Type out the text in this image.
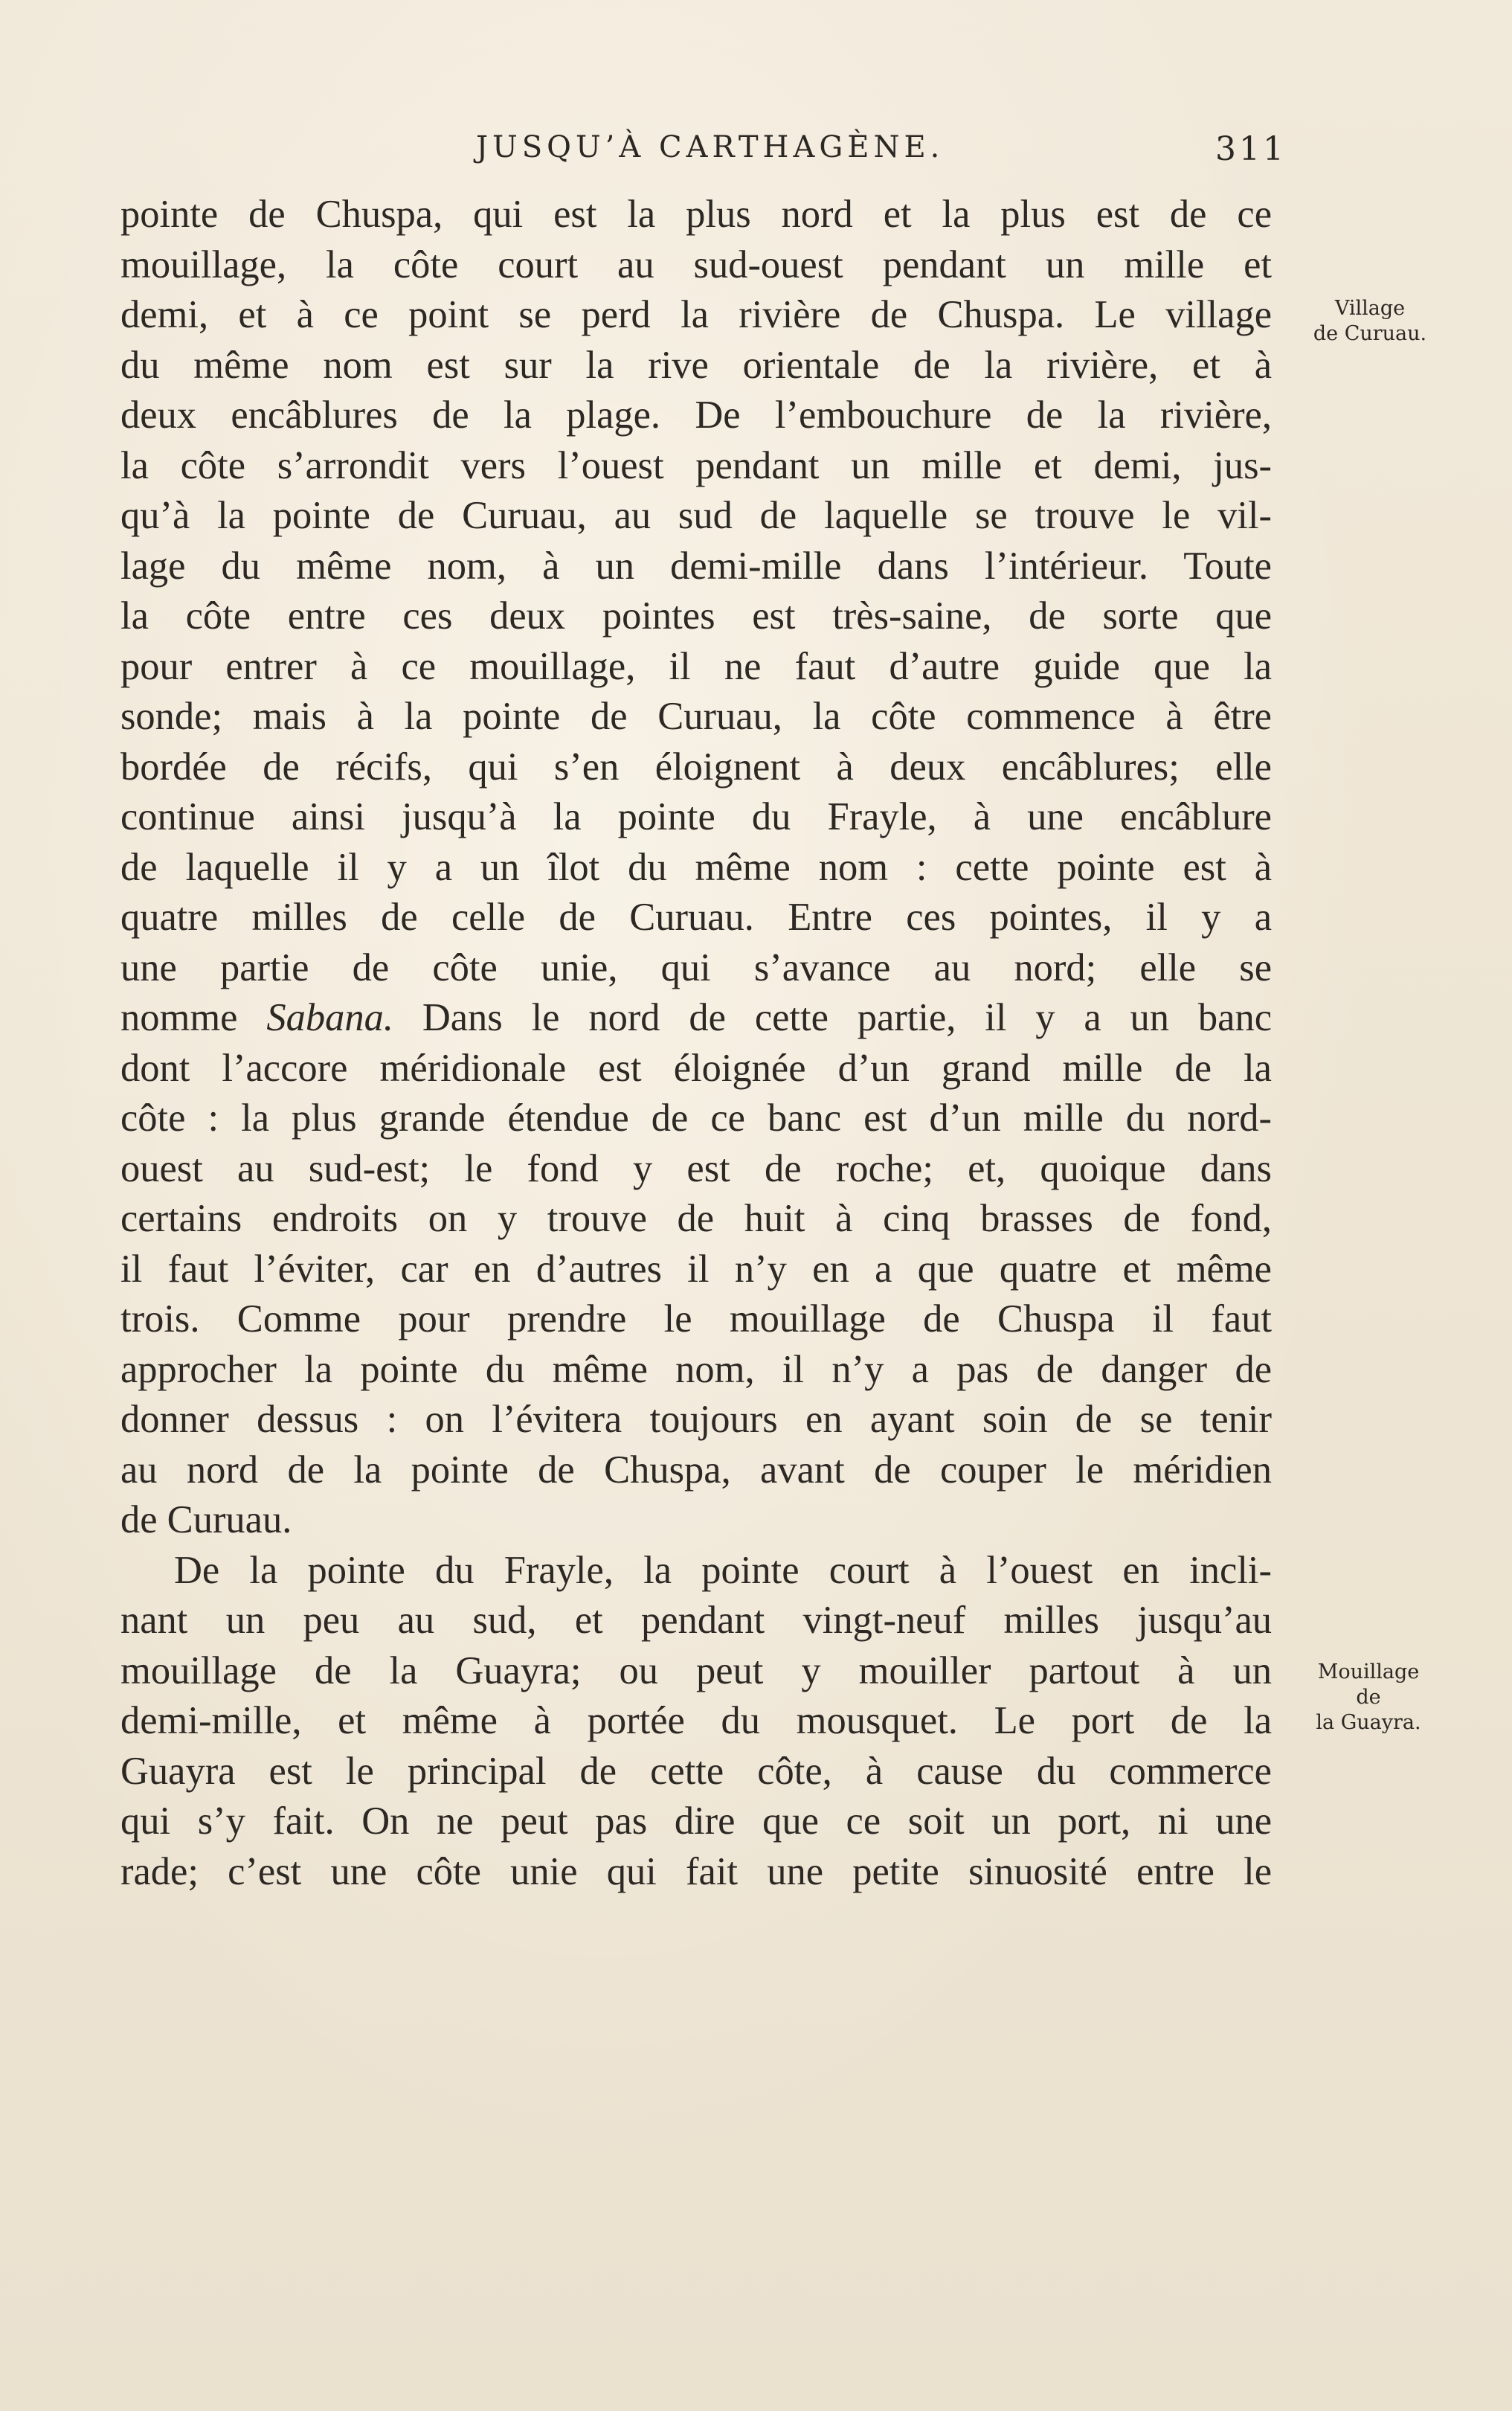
JUSQU’À CARTHAGÈNE.	311
pointe de Chuspa, qui est la plus nord et la plus est de ce
mouillage, la côte court au sud-ouest pendant un mille et
demi, et à ce point se perd la rivière de Chuspa. Le village
du même nom est sur la rive orientale de la rivière, et à
deux encâblures de la plage. De l’embouchure de la rivière,
la côte s’arrondit vers l’ouest pendant un mille et demi, jus-
qu’à la pointe de Curuau, au sud de laquelle se trouve le vil-
lage du même nom, à un demi-mille dans l’intérieur. Toute
la côte entre ces deux pointes est très-saine, de sorte que
pour entrer à ce mouillage, il ne faut d’autre guide que la
sonde; mais à la pointe de Curuau, la côte commence à être
bordée de récifs, qui s’en éloignent à deux encâblures; elle
continue ainsi jusqu’à la pointe du Frayle, à une encâblure
de laquelle il y a un îlot du même nom : cette pointe est à
quatre milles de celle de Curuau. Entre ces pointes, il y a
une partie de côte unie, qui s’avance au nord; elle se
nomme Sabana. Dans le nord de cette partie, il y a un banc
dont l’accore méridionale est éloignée d’un grand mille de la
côte : la plus grande étendue de ce banc est d’un mille du nord-
ouest au sud-est; le fond y est de roche; et, quoique dans
certains endroits on y trouve de huit à cinq brasses de fond,
il faut l’éviter, car en d’autres il n’y en a que quatre et même
trois. Comme pour prendre le mouillage de Chuspa il faut
approcher la pointe du même nom, il n’y a pas de danger de
donner dessus : on l’évitera toujours en ayant soin de se tenir
au nord de la pointe de Chuspa, avant de couper le méridien
de Curuau.
De la pointe du Frayle, la pointe court à l’ouest en incli-
nant un peu au sud, et pendant vingt-neuf milles jusqu’au
mouillage de la Guayra; ou peut y mouiller partout à un
demi-mille, et même à portée du mousquet. Le port de la
Guayra est le principal de cette côte, à cause du commerce
qui s’y fait. On ne peut pas dire que ce soit un port, ni une
rade; c’est une côte unie qui fait une petite sinuosité entre le
Village
de Curuau.
Mouillage
de
la Guayra.
